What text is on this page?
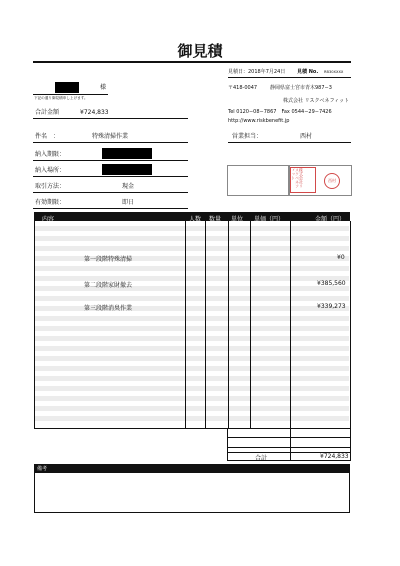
御見積
見積日：2018年7月24日 見積 No. RB30XXXX
様
下記の通り御見積申し上げます。
合計金額	¥724,833
〒418-0047	静岡県富士宮市青木987−3
株式会社 リスクベネフィット
Tel 0120−08−7867　Fax 0544−29−7426
http://www.riskbenefit.jp
件名　：	特殊清掃作業	営業担当：	西村
納入期限：
納入場所：
取引方法：	現金
有効期限：	即日
株式会社リスクベネフィット
西村
内容	人数 数量 単位 単価（円）	金額（円）
第一段階特殊清掃	¥0
第二段階家財撤去	¥385,560
第三段階消臭作業	¥339,273
合計	¥724,833
備考
